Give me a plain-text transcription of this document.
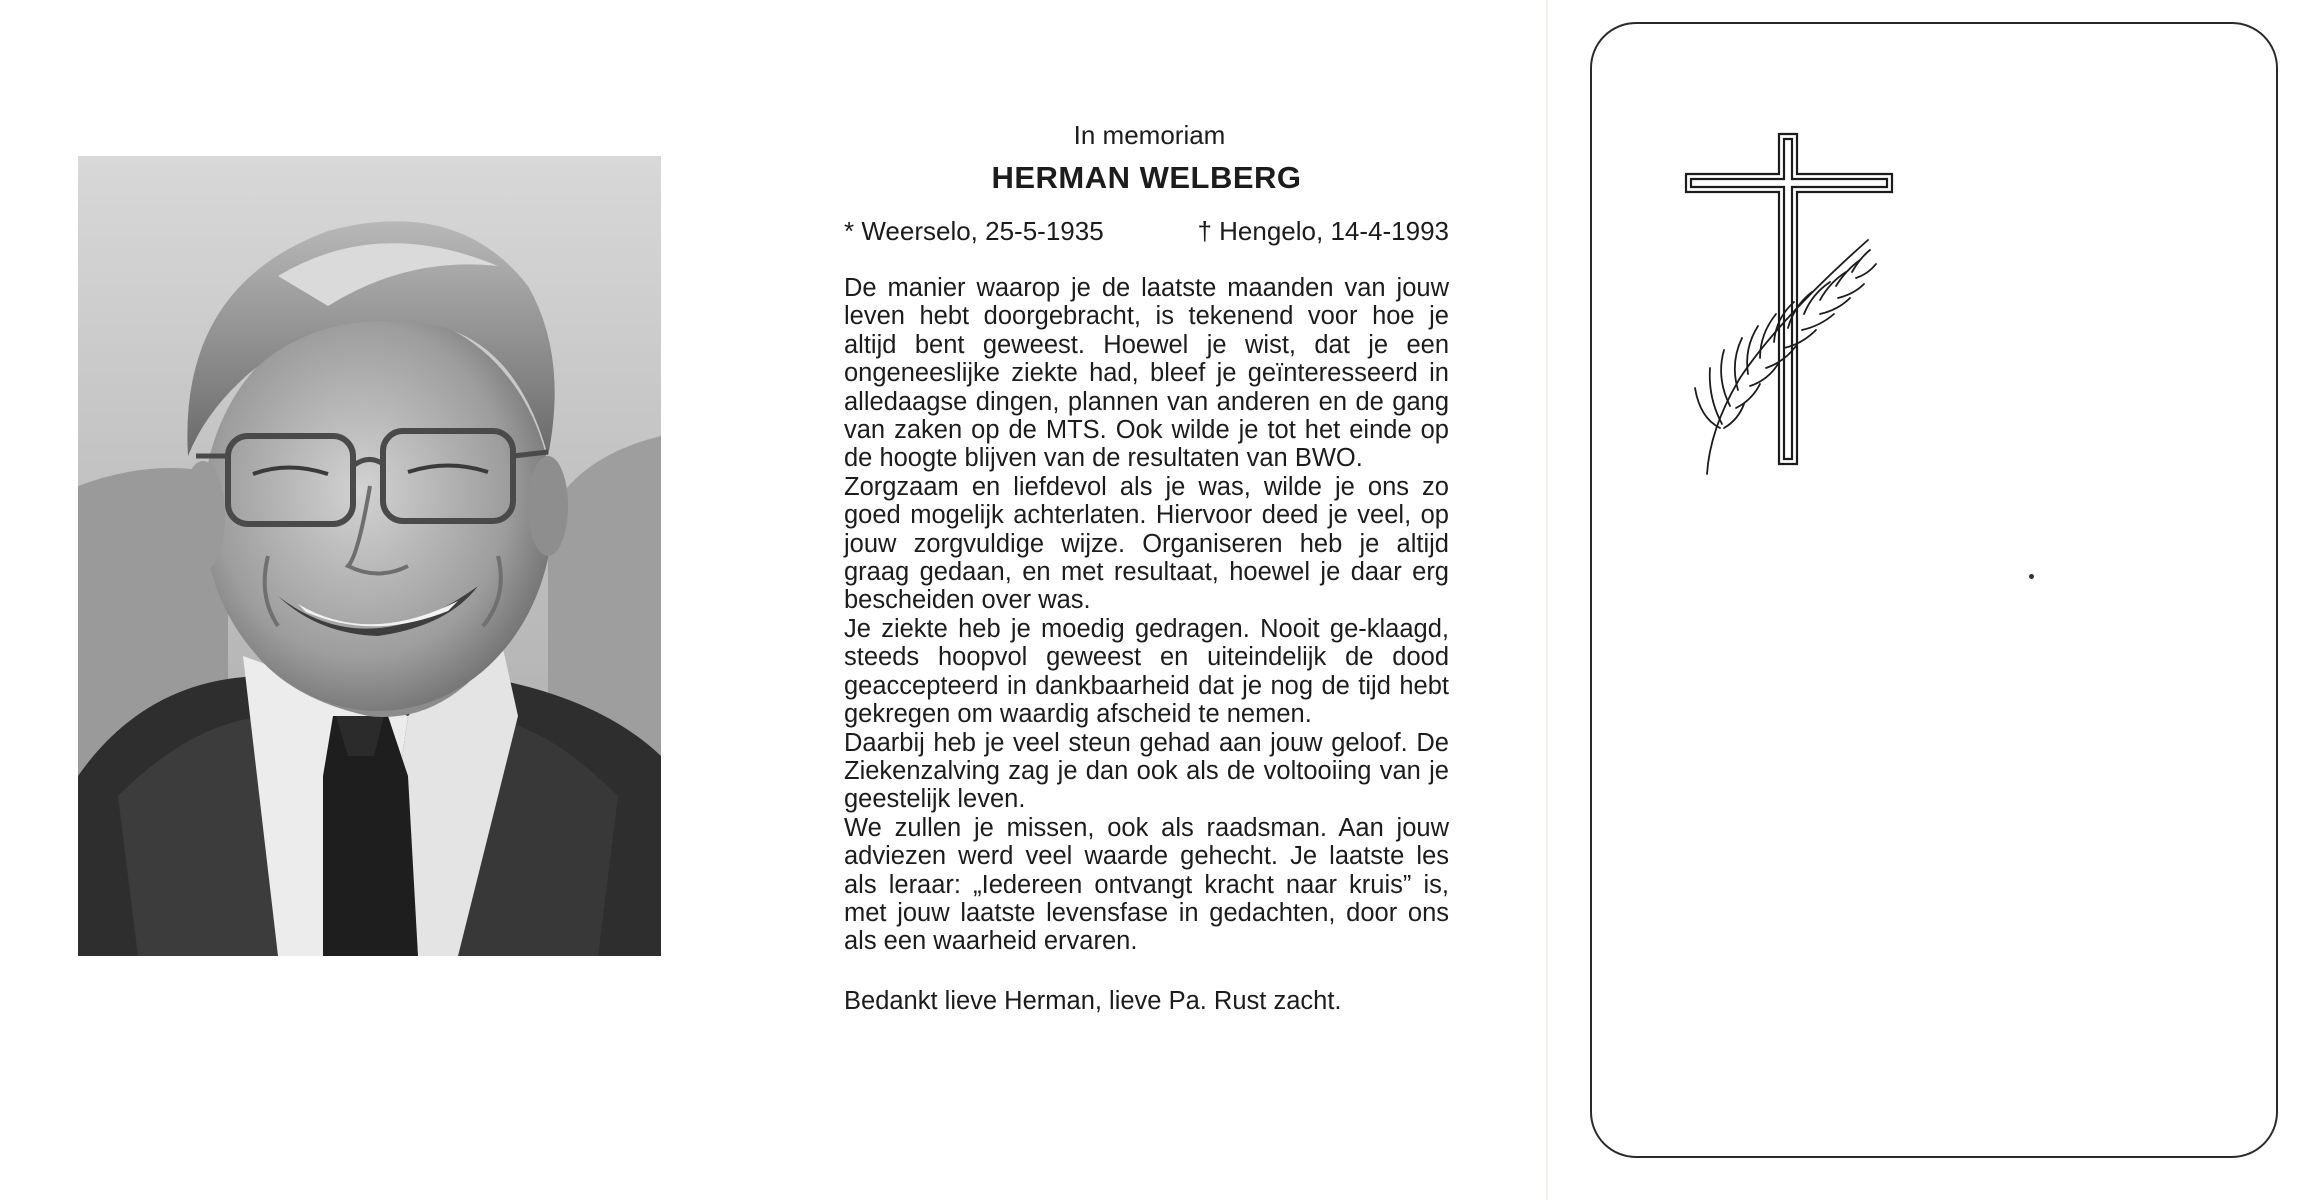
In memoriam

HERMAN WELBERG

* Weerselo, 25-5-1935	† Hengelo, 14-4-1993

De manier waarop je de laatste maanden van jouw leven hebt doorgebracht, is tekenend voor hoe je altijd bent geweest. Hoewel je wist, dat je een ongeneeslijke ziekte had, bleef je geïnteresseerd in alledaagse dingen, plannen van anderen en de gang van zaken op de MTS. Ook wilde je tot het einde op de hoogte blijven van de resultaten van BWO.

Zorgzaam en liefdevol als je was, wilde je ons zo goed mogelijk achterlaten. Hiervoor deed je veel, op jouw zorgvuldige wijze. Organiseren heb je altijd graag gedaan, en met resultaat, hoewel je daar erg bescheiden over was.

Je ziekte heb je moedig gedragen. Nooit ge-klaagd, steeds hoopvol geweest en uiteindelijk de dood geaccepteerd in dankbaarheid dat je nog de tijd hebt gekregen om waardig afscheid te nemen.

Daarbij heb je veel steun gehad aan jouw geloof. De Ziekenzalving zag je dan ook als de voltooiing van je geestelijk leven.

We zullen je missen, ook als raadsman. Aan jouw adviezen werd veel waarde gehecht. Je laatste les als leraar: „Iedereen ontvangt kracht naar kruis” is, met jouw laatste levensfase in gedachten, door ons als een waarheid ervaren.

Bedankt lieve Herman, lieve Pa. Rust zacht.
